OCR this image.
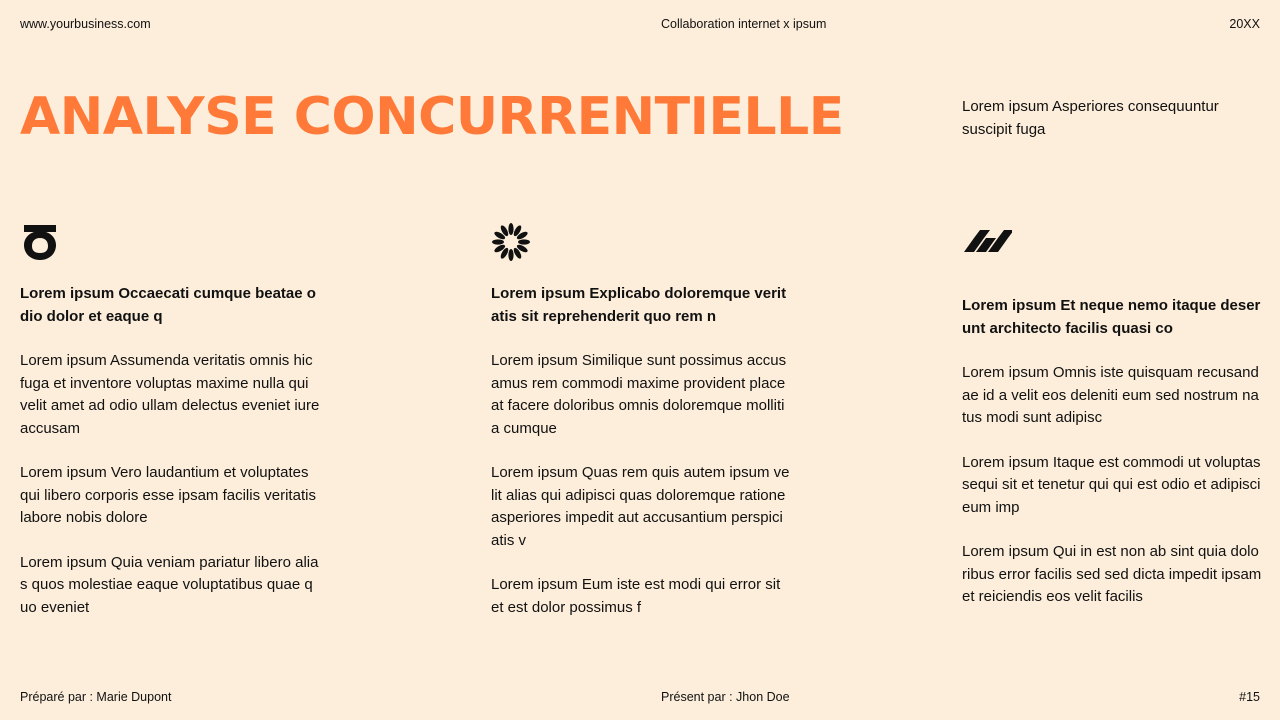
www.yourbusiness.com	Collaboration internet x ipsum	20XX
ANALYSE CONCURRENTIELLE	Lorem ipsum Asperiores consequuntur suscipit fuga

Lorem ipsum Occaecati cumque beatae odio dolor et eaque q

Lorem ipsum Assumenda veritatis omnis hic fuga et inventore voluptas maxime nulla qui velit amet ad odio ullam delectus eveniet iure accusam

Lorem ipsum Vero laudantium et voluptates qui libero corporis esse ipsam facilis veritatis labore nobis dolore

Lorem ipsum Quia veniam pariatur libero alias quos molestiae eaque voluptatibus quae quo eveniet

Lorem ipsum Explicabo doloremque veritatis sit reprehenderit quo rem n

Lorem ipsum Similique sunt possimus accusamus rem commodi maxime provident placeat facere doloribus omnis doloremque mollitia cumque

Lorem ipsum Quas rem quis autem ipsum velit alias qui adipisci quas doloremque ratione asperiores impedit aut accusantium perspiciatis v

Lorem ipsum Eum iste est modi qui error sit et est dolor possimus f

Lorem ipsum Et neque nemo itaque deserunt architecto facilis quasi co

Lorem ipsum Omnis iste quisquam recusandae id a velit eos deleniti eum sed nostrum natus modi sunt adipisc

Lorem ipsum Itaque est commodi ut voluptas sequi sit et tenetur qui qui est odio et adipisci eum imp

Lorem ipsum Qui in est non ab sint quia doloribus error facilis sed sed dicta impedit ipsam et reiciendis eos velit facilis

Préparé par : Marie Dupont	Présent par : Jhon Doe	#15
